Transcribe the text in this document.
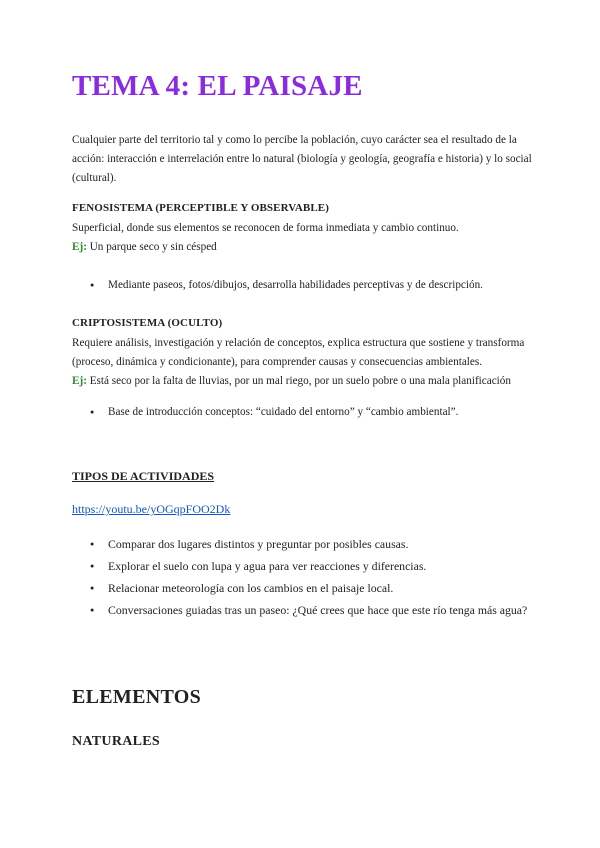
TEMA 4: EL PAISAJE
Cualquier parte del territorio tal y como lo percibe la población, cuyo carácter sea el resultado de la acción: interacción e interrelación entre lo natural (biología y geología, geografía e historia) y lo social (cultural).
FENOSISTEMA (PERCEPTIBLE Y OBSERVABLE)
Superficial, donde sus elementos se reconocen de forma inmediata y cambio continuo.
Ej: Un parque seco y sin césped
● Mediante paseos, fotos/dibujos, desarrolla habilidades perceptivas y de descripción.
CRIPTOSISTEMA (OCULTO)
Requiere análisis, investigación y relación de conceptos, explica estructura que sostiene y transforma (proceso, dinámica y condicionante), para comprender causas y consecuencias ambientales.
Ej: Está seco por la falta de lluvias, por un mal riego, por un suelo pobre o una mala planificación
● Base de introducción conceptos: “cuidado del entorno” y “cambio ambiental”.
TIPOS DE ACTIVIDADES
https://youtu.be/yOGqpFOO2Dk
● Comparar dos lugares distintos y preguntar por posibles causas.
● Explorar el suelo con lupa y agua para ver reacciones y diferencias.
● Relacionar meteorología con los cambios en el paisaje local.
● Conversaciones guiadas tras un paseo: ¿Qué crees que hace que este río tenga más agua?
ELEMENTOS
NATURALES
